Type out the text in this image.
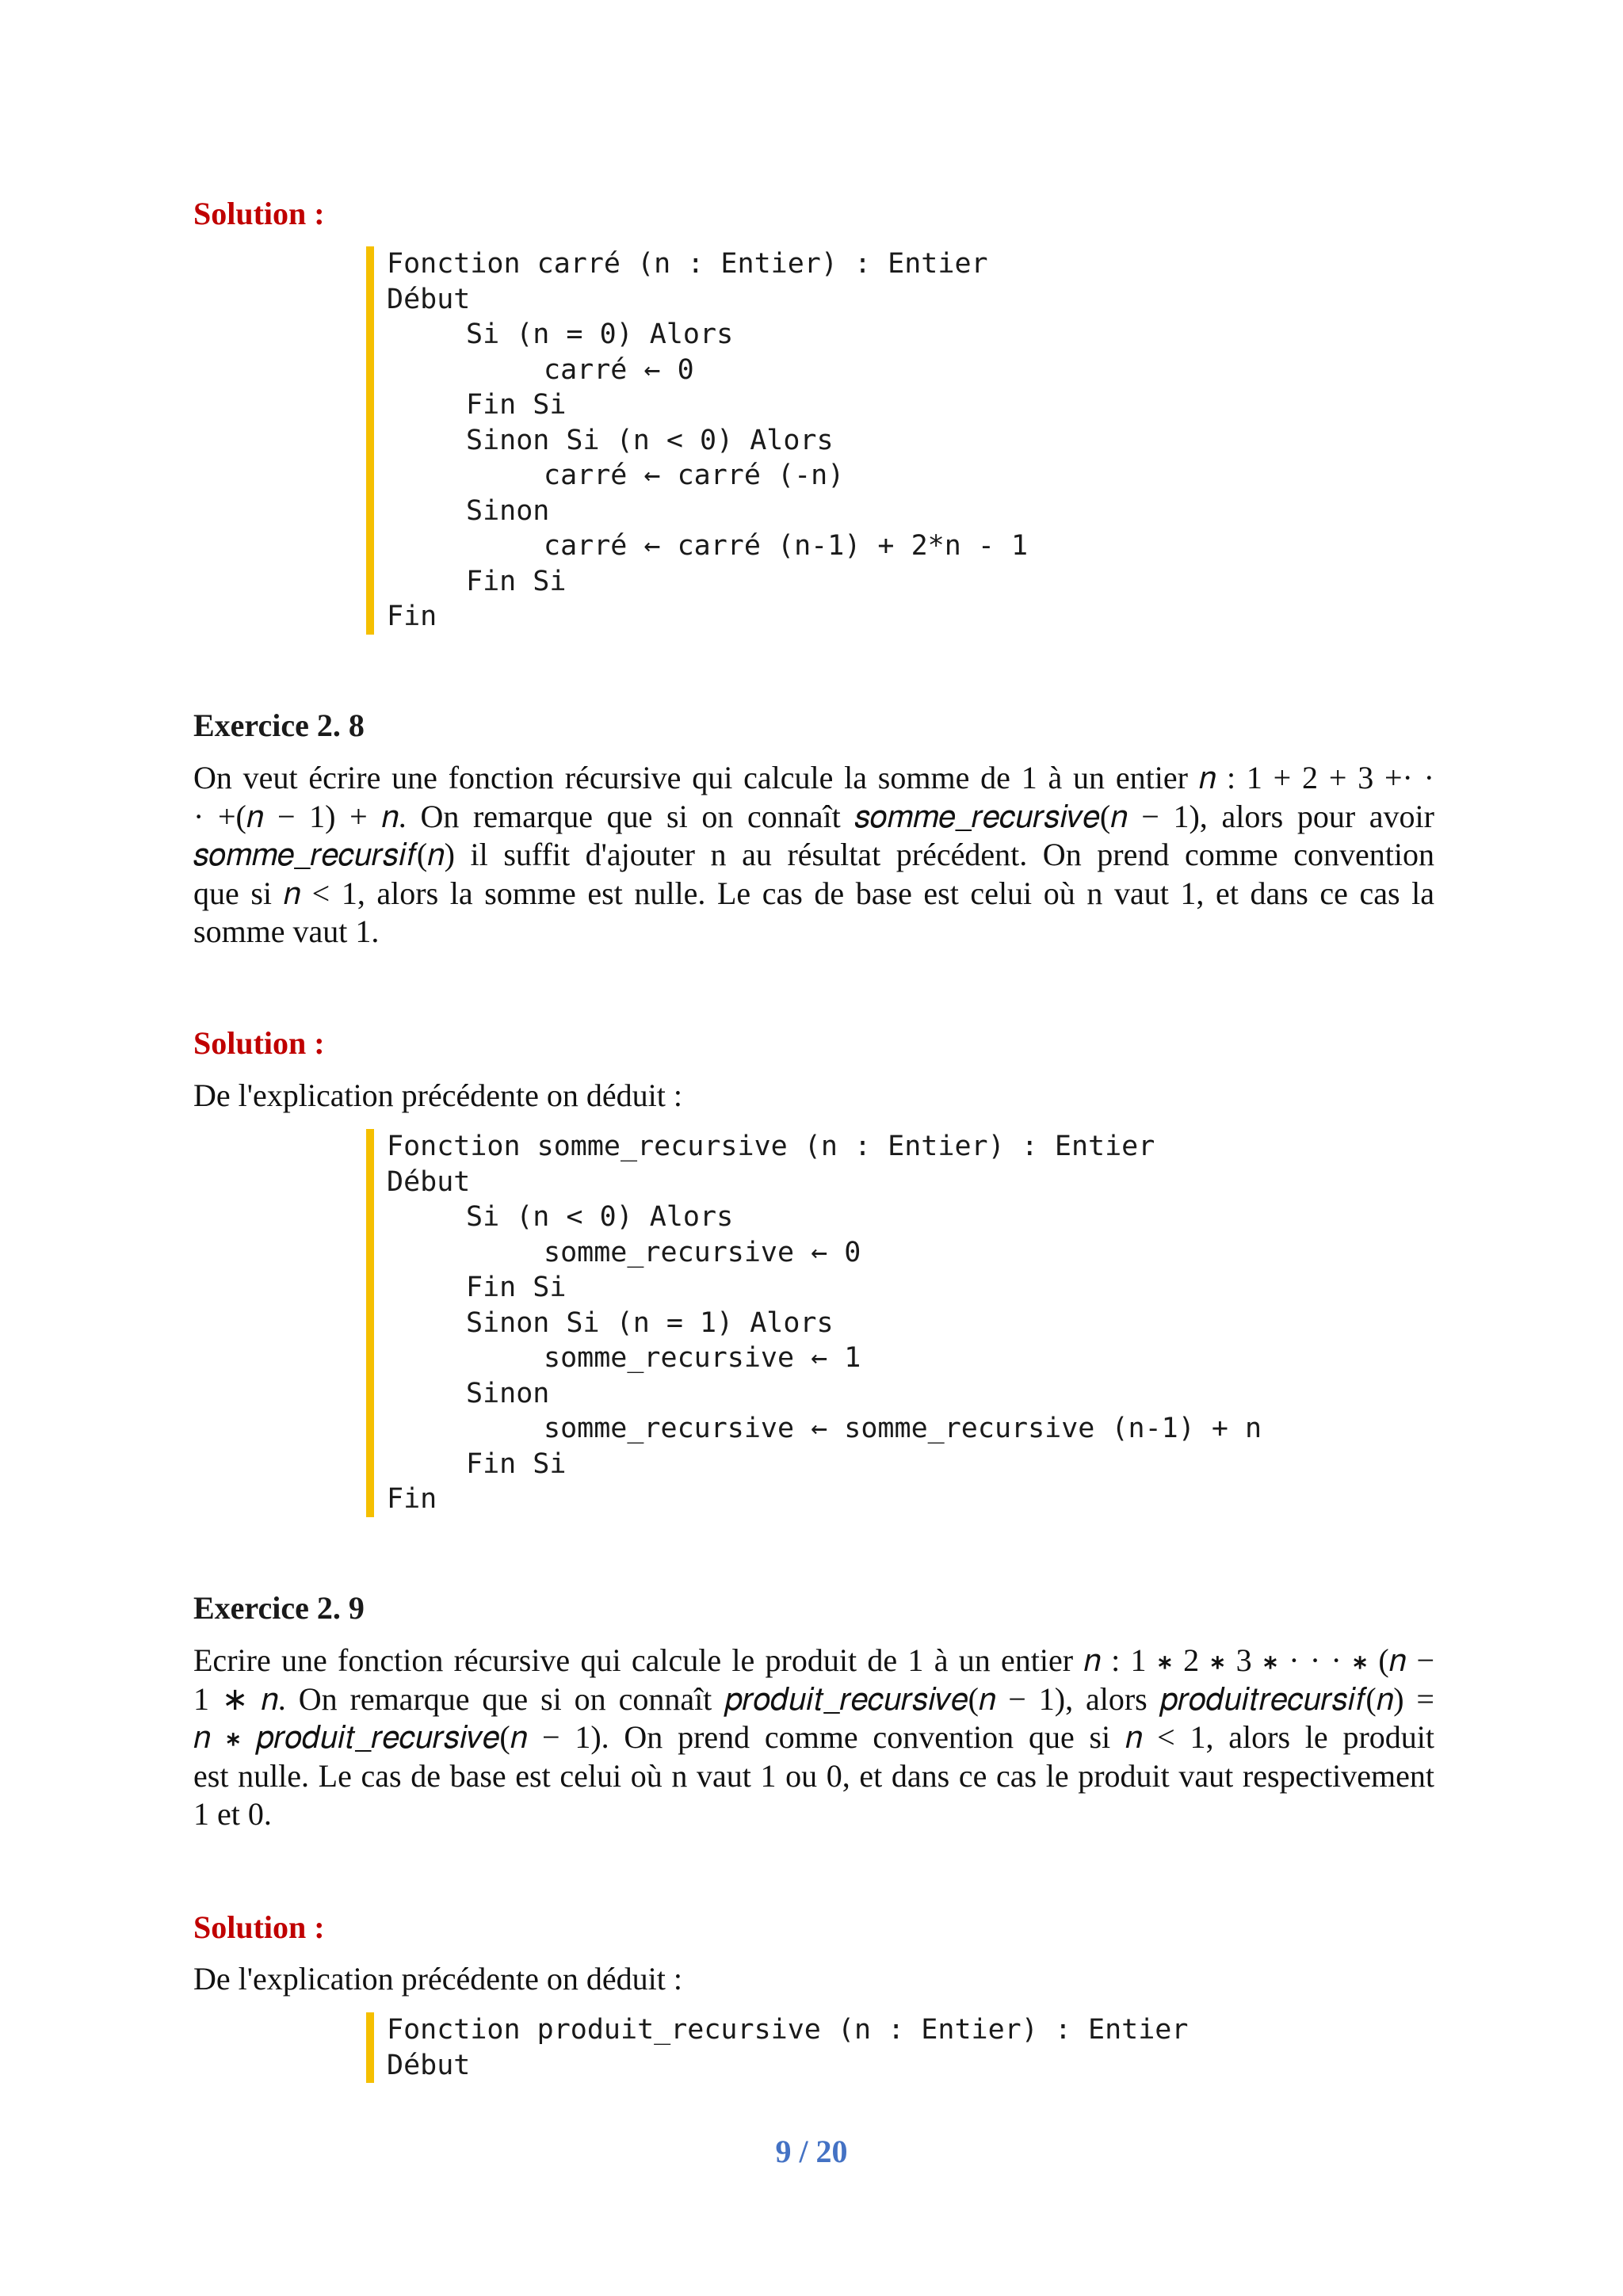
Solution :
Fonction carré (n : Entier) : Entier
Début
Si (n = 0) Alors
carré ← 0
Fin Si
Sinon Si (n < 0) Alors
carré ← carré (-n)
Sinon
carré ← carré (n-1) + 2*n - 1
Fin Si
Fin
Exercice 2. 8
On veut écrire une fonction récursive qui calcule la somme de 1 à un entier 𝑛 : 1 + 2 + 3 +· ·
· +(𝑛 − 1) + 𝑛. On remarque que si on connaît 𝑠𝑜𝑚𝑚𝑒_𝑟𝑒𝑐𝑢𝑟𝑠𝑖𝑣𝑒(𝑛 − 1), alors pour avoir
𝑠𝑜𝑚𝑚𝑒_𝑟𝑒𝑐𝑢𝑟𝑠𝑖𝑓(𝑛) il suffit d'ajouter n au résultat précédent. On prend comme convention
que si 𝑛 < 1, alors la somme est nulle. Le cas de base est celui où n vaut 1, et dans ce cas la
somme vaut 1.
Solution :
De l'explication précédente on déduit :
Fonction somme_recursive (n : Entier) : Entier
Début
Si (n < 0) Alors
somme_recursive ← 0
Fin Si
Sinon Si (n = 1) Alors
somme_recursive ← 1
Sinon
somme_recursive ← somme_recursive (n-1) + n
Fin Si
Fin
Exercice 2. 9
Ecrire une fonction récursive qui calcule le produit de 1 à un entier 𝑛 : 1 ∗ 2 ∗ 3 ∗ · · · ∗ (𝑛 −
1 ∗ 𝑛. On remarque que si on connaît 𝑝𝑟𝑜𝑑𝑢𝑖𝑡_𝑟𝑒𝑐𝑢𝑟𝑠𝑖𝑣𝑒(𝑛 − 1), alors 𝑝𝑟𝑜𝑑𝑢𝑖𝑡𝑟𝑒𝑐𝑢𝑟𝑠𝑖𝑓(𝑛) =
𝑛 ∗ 𝑝𝑟𝑜𝑑𝑢𝑖𝑡_𝑟𝑒𝑐𝑢𝑟𝑠𝑖𝑣𝑒(𝑛 − 1). On prend comme convention que si 𝑛 < 1, alors le produit
est nulle. Le cas de base est celui où n vaut 1 ou 0, et dans ce cas le produit vaut respectivement
1 et 0.
Solution :
De l'explication précédente on déduit :
Fonction produit_recursive (n : Entier) : Entier
Début
9 / 20
